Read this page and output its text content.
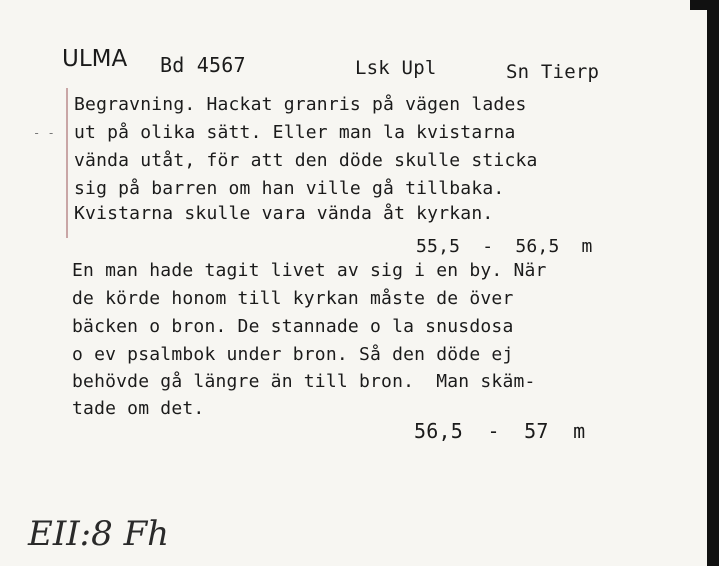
ULMA Bd 4567	Lsk Upl	Sn Tierp
- -
Begravning. Hackat granris på vägen lades
ut på olika sätt. Eller man la kvistarna
vända utåt, för att den döde skulle sticka
sig på barren om han ville gå tillbaka.
Kvistarna skulle vara vända åt kyrkan.
55,5  -  56,5  m
En man hade tagit livet av sig i en by. När
de körde honom till kyrkan måste de över
bäcken o bron. De stannade o la snusdosa
o ev psalmbok under bron. Så den döde ej
behövde gå längre än till bron.  Man skäm-
tade om det.
56,5  -  57  m
EII:8 Fh
